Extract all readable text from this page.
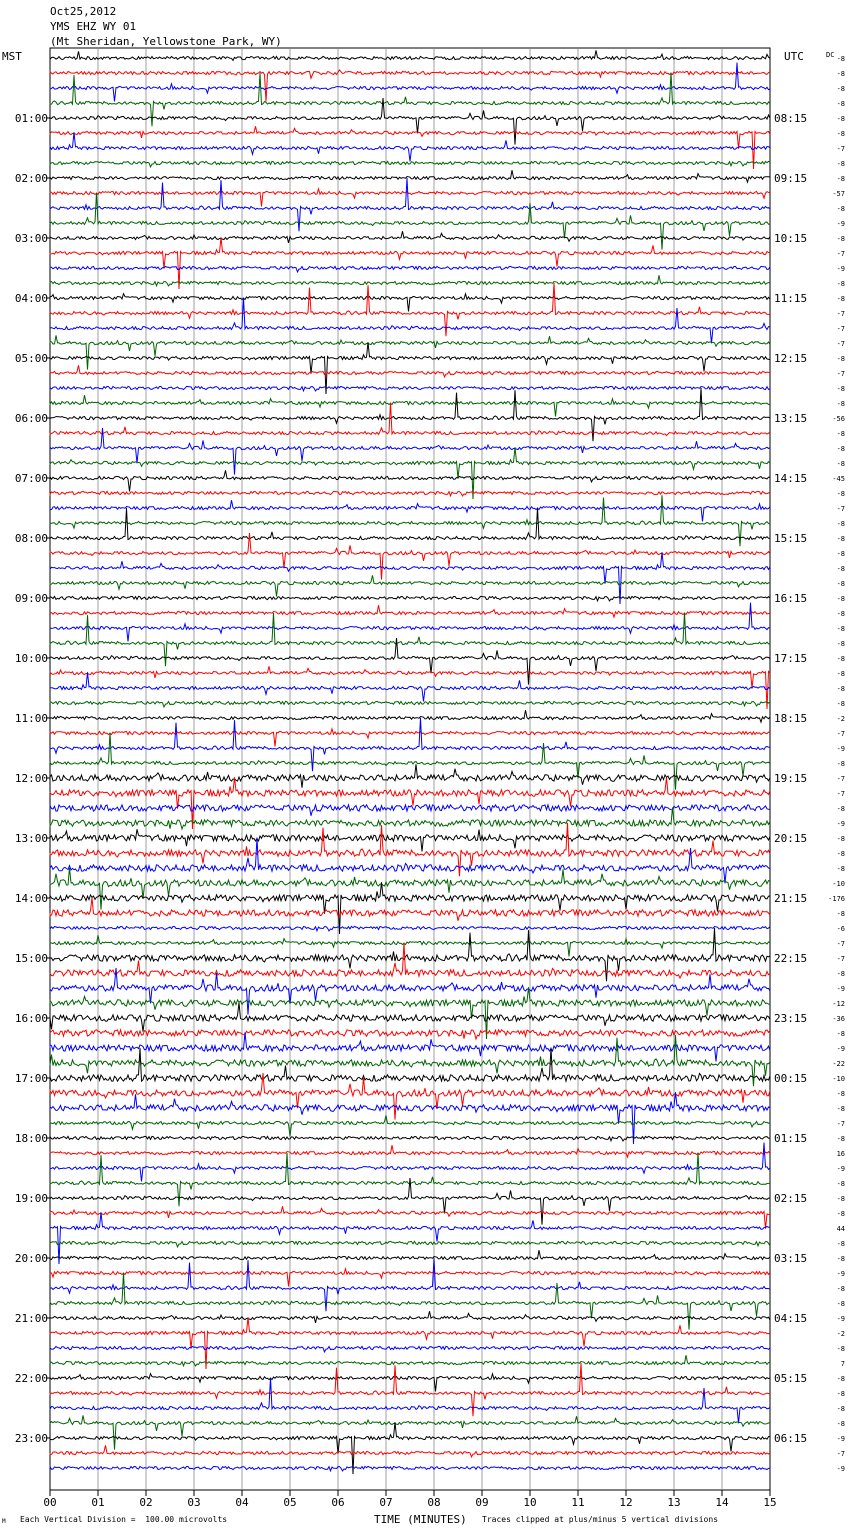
Oct25,2012
YMS EHZ WY 01
(Mt Sheridan, Yellowstone Park, WY)
MST	UTC
01:00
02:00
03:00
04:00
05:00
06:00
07:00
08:00
09:00
10:00
11:00
12:00
13:00
14:00
15:00
16:00
17:00
18:00
19:00
20:00
21:00
22:00
23:00
08:15
09:15
10:15
11:15
12:15
13:15
14:15
15:15
16:15
17:15
18:15
19:15
20:15
21:15
22:15
23:15
00:15
01:15
02:15
03:15
04:15
05:15
06:15
DC -8
-8
-8
-8
-8
-8
-7
-8
-8
-57
-8
-9
-8
-7
-9
-8
-8
-7
-7
-7
-8
-7
-8
-8
-56
-8
-8
-8
-45
-8
-7
-8
-8
-8
-8
-8
-8
-8
-8
-8
-8
-8
-8
-8
-2
-7
-9
-8
-7
-7
-8
-9
-8
-8
-8
-10
-176
-8
-6
-7
-7
-8
-9
-12
-36
-8
-9
-22
-10
-8
-8
-7
-8
16
-9
-8
-8
-8
44
-8
-8
-9
-8
-8
-9
-2
-8
7
-8
-8
-8
-8
-9
-7
-9
00	01	02	03	04	05	06	07	08	09	10	11	12	13	14	15
M Each Vertical Division =  100.00 microvolts	TIME (MINUTES) Traces clipped at plus/minus 5 vertical divisions
